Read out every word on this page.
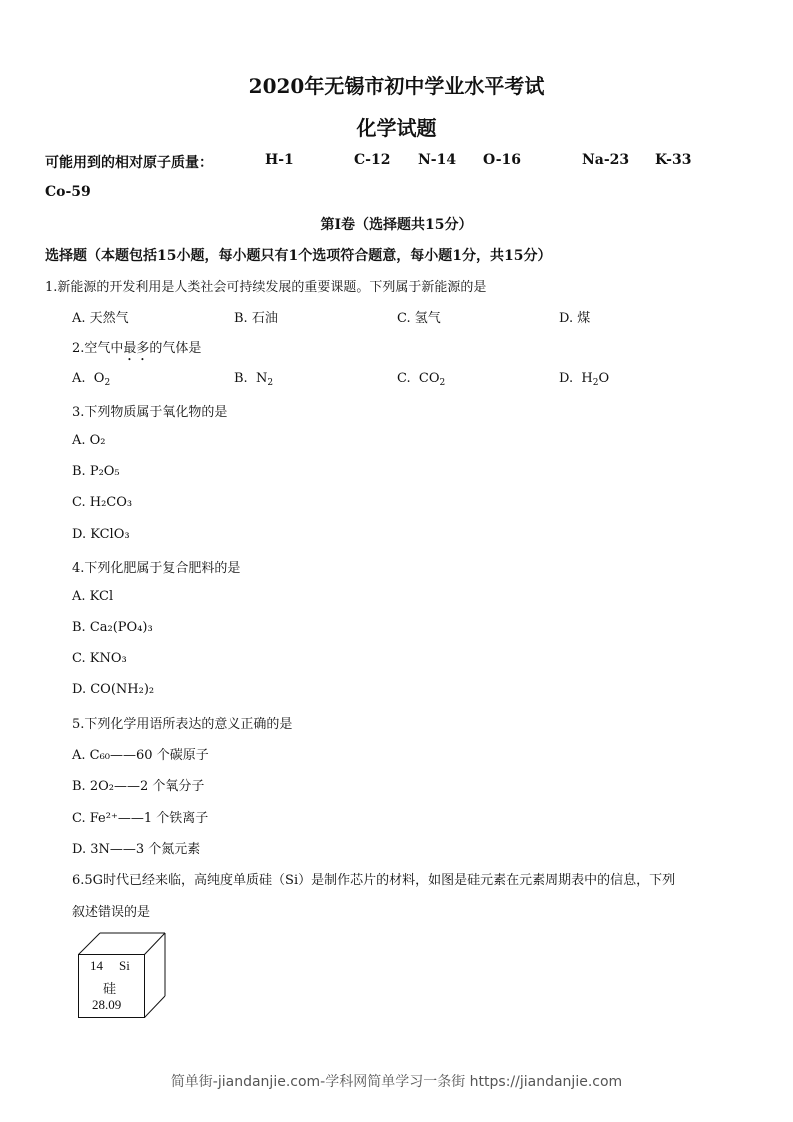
2020年无锡市初中学业水平考试
化学试题
可能用到的相对原子质量：	H-1	C-12 N-14 O-16	Na-23 K-33
Co-59
第I卷（选择题共15分）
选择题（本题包括15小题，每小题只有1个选项符合题意，每小题1分，共15分）
1.新能源的开发利用是人类社会可持续发展的重要课题。下列属于新能源的是
A. 天然气	B. 石油	C. 氢气	D. 煤
2.空气中最多的气体是
A. $O_2$	B. $N_2$	C. $CO_2$	D. $H_2O$
3.下列物质属于氧化物的是
A. O₂
B. P₂O₅
C. H₂CO₃
D. KClO₃
4.下列化肥属于复合肥料的是
A. KCl
B. Ca₂(PO₄)₃
C. KNO₃
D. CO(NH₂)₂
5.下列化学用语所表达的意义正确的是
A. C₆₀——60 个碳原子
B. 2O₂——2 个氧分子
C. Fe²⁺——1 个铁离子
D. 3N——3 个氮元素
6.5G时代已经来临，高纯度单质硅（Si）是制作芯片的材料，如图是硅元素在元素周期表中的信息，下列
叙述错误的是
14 Si
硅
28.09
简单街-jiandanjie.com-学科网简单学习一条街 https://jiandanjie.com
